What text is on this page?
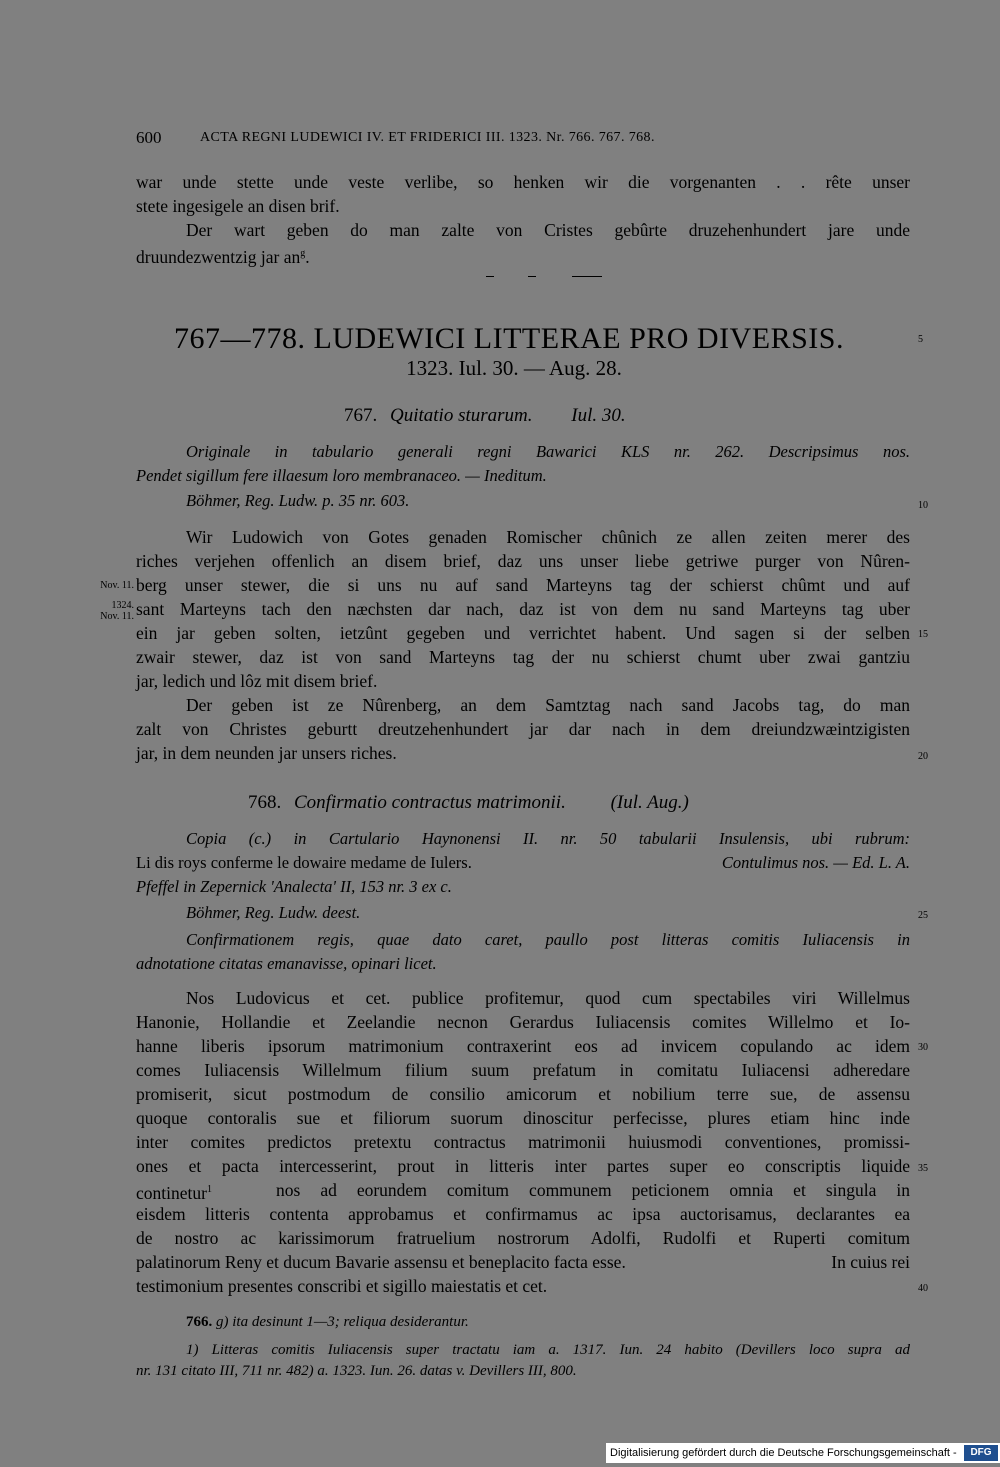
600	ACTA REGNI LUDEWICI IV. ET FRIDERICI III. 1323. Nr. 766. 767. 768.
war unde stette unde veste verlibe, so henken wir die vorgenanten . . rête unser
stete ingesigele an disen brif.
Der wart geben do man zalte von Cristes gebûrte druzehenhundert jare unde
druundezwentzig jar $an^g$.
767—778. LUDEWICI LITTERAE PRO DIVERSIS.	5
1323. Iul. 30. — Aug. 28.
767. Quitatio sturarum. Iul. 30.
Originale in tabulario generali regni Bawarici KLS nr. 262. Descripsimus nos.
Pendet sigillum fere illaesum loro membranaceo. — Ineditum.
Böhmer, Reg. Ludw. p. 35 nr. 603.	10
Wir Ludowich von Gotes genaden Romischer chûnich ze allen zeiten merer des
riches verjehen offenlich an disem brief, daz uns unser liebe getriwe purger von Nûren-
berg unser stewer, die si uns nu auf sand Marteyns tag der schierst chûmt und auf
Nov. 11.
sant Marteyns tach den næchsten dar nach, daz ist von dem nu sand Marteyns tag uber
1324.
Nov. 11.
ein jar geben solten, ietzûnt gegeben und verrichtet habent. Und sagen si der selben 15
zwair stewer, daz ist von sand Marteyns tag der nu schierst chumt uber zwai gantziu
jar, ledich und lôz mit disem brief.
Der geben ist ze Nûrenberg, an dem Samtztag nach sand Jacobs tag, do man
zalt von Christes geburtt dreutzehenhundert jar dar nach in dem dreiundzwæintzigisten
jar, in dem neunden jar unsers riches.	20
768. Confirmatio contractus matrimonii. (Iul. Aug.)
Copia (c.) in Cartulario Haynonensi II. nr. 50 tabularii Insulensis, ubi rubrum:
Li dis roys conferme le dowaire medame de Iulers.	Contulimus nos. — Ed. L. A.
Pfeffel in Zepernick 'Analecta' II, 153 nr. 3 ex c.
Böhmer, Reg. Ludw. deest.	25
Confirmationem regis, quae dato caret, paullo post litteras comitis Iuliacensis in
adnotatione citatas emanavisse, opinari licet.
Nos Ludovicus et cet. publice profitemur, quod cum spectabiles viri Willelmus
Hanonie, Hollandie et Zeelandie necnon Gerardus Iuliacensis comites Willelmo et Io-
hanne liberis ipsorum matrimonium contraxerint eos ad invicem copulando ac idem 30
comes Iuliacensis Willelmum filium suum prefatum in comitatu Iuliacensi adheredare
promiserit, sicut postmodum de consilio amicorum et nobilium terre sue, de assensu
quoque contoralis sue et filiorum suorum dinoscitur perfecisse, plures etiam hinc inde
inter comites predictos pretextu contractus matrimonii huiusmodi conventiones, promissi-
ones et pacta intercesserint, prout in litteris inter partes super eo conscriptis liquide 35
continetur$^1$	nos ad eorundem comitum communem peticionem omnia et singula in
eisdem litteris contenta approbamus et confirmamus ac ipsa auctorisamus, declarantes ea
de nostro ac karissimorum fratruelium nostrorum Adolfi, Rudolfi et Ruperti comitum
palatinorum Reny et ducum Bavarie assensu et beneplacito facta esse.	In cuius rei
testimonium presentes conscribi et sigillo maiestatis et cet.	40
766. g) ita desinunt 1—3; reliqua desiderantur.
1) Litteras comitis Iuliacensis super tractatu iam a. 1317. Iun. 24 habito (Devillers loco supra ad
nr. 131 citato III, 711 nr. 482) a. 1323. Iun. 26. datas v. Devillers III, 800.
Digitalisierung gefördert durch die Deutsche Forschungsgemeinschaft -	DFG
